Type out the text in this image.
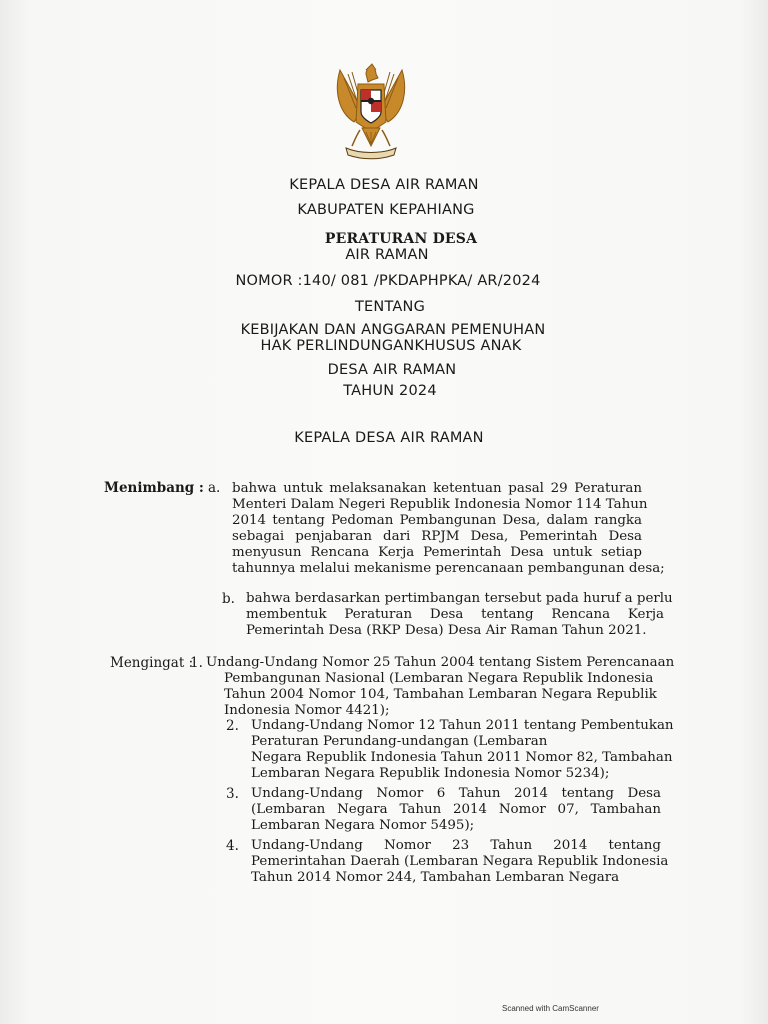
KEPALA DESA AIR RAMAN
KABUPATEN KEPAHIANG
PERATURAN DESA
AIR RAMAN
NOMOR :140/ 081 /PKDAPHPKA/ AR/2024
TENTANG
KEBIJAKAN DAN ANGGARAN PEMENUHAN
HAK PERLINDUNGANKHUSUS ANAK
DESA AIR RAMAN
TAHUN 2024
KEPALA DESA AIR RAMAN
Menimbang : a. bahwa untuk melaksanakan ketentuan pasal 29 Peraturan
Menteri Dalam Negeri Republik Indonesia Nomor 114 Tahun
2014 tentang Pedoman Pembangunan Desa, dalam rangka
sebagai penjabaran dari RPJM Desa, Pemerintah Desa
menyusun Rencana Kerja Pemerintah Desa untuk setiap
tahunnya melalui mekanisme perencanaan pembangunan desa;
b. bahwa berdasarkan pertimbangan tersebut pada huruf a perlu
membentuk Peraturan Desa tentang Rencana Kerja
Pemerintah Desa (RKP Desa) Desa Air Raman Tahun 2021.
Mengingat :
1. Undang-Undang Nomor 25 Tahun 2004 tentang Sistem Perencanaan
Pembangunan Nasional (Lembaran Negara Republik Indonesia
Tahun 2004 Nomor 104, Tambahan Lembaran Negara Republik
Indonesia Nomor 4421);
2. Undang-Undang Nomor 12 Tahun 2011 tentang Pembentukan
Peraturan Perundang-undangan (Lembaran
Negara Republik Indonesia Tahun 2011 Nomor 82, Tambahan
Lembaran Negara Republik Indonesia Nomor 5234);
3. Undang-Undang Nomor 6 Tahun 2014 tentang Desa
(Lembaran Negara Tahun 2014 Nomor 07, Tambahan
Lembaran Negara Nomor 5495);
4. Undang-Undang Nomor 23 Tahun 2014 tentang
Pemerintahan Daerah (Lembaran Negara Republik Indonesia
Tahun 2014 Nomor 244, Tambahan Lembaran Negara
Scanned with CamScanner
